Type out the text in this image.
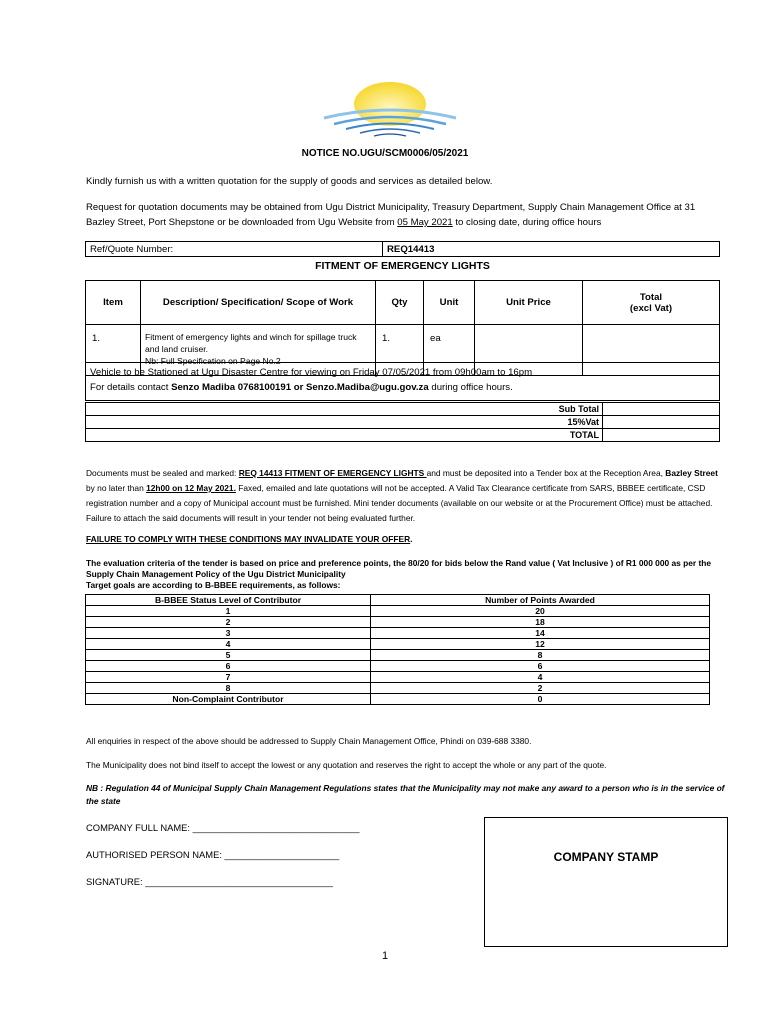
NOTICE NO.UGU/SCM0006/05/2021
Kindly furnish us with a written quotation for the supply of goods and services as detailed below.
Request for quotation documents may be obtained from Ugu District Municipality, Treasury Department, Supply Chain Management Office at 31 Bazley Street, Port Shepstone or be downloaded from Ugu Website from 05 May 2021 to closing date, during office hours
Ref/Quote Number:	REQ14413
FITMENT OF EMERGENCY LIGHTS
Item	Description/ Specification/ Scope of Work	Qty	Unit	Unit Price	Total
(excl Vat)
1.	Fitment of emergency lights and winch for spillage truck and land cruiser.
Nb: Full Specification on Page No.2	1.	ea		
Vehicle to be Stationed at Ugu Disaster Centre for viewing on Friday 07/05/2021 from 09h00am to 16pm
For details contact Senzo Madiba 0768100191 or Senzo.Madiba@ugu.gov.za during office hours.
Sub Total	
15%Vat	
TOTAL	
Documents must be sealed and marked: REQ 14413 FITMENT OF EMERGENCY LIGHTS and must be deposited into a Tender box at the Reception Area, Bazley Street by no later than 12h00 on 12 May 2021. Faxed, emailed and late quotations will not be accepted. A Valid Tax Clearance certificate from SARS, BBBEE certificate, CSD registration number and a copy of Municipal account must be furnished. Mini tender documents (available on our website or at the Procurement Office) must be attached. Failure to attach the said documents will result in your tender not being evaluated further.
FAILURE TO COMPLY WITH THESE CONDITIONS MAY INVALIDATE YOUR OFFER.
The evaluation criteria of the tender is based on price and preference points, the 80/20 for bids below the Rand value ( Vat Inclusive ) of R1 000 000 as per the Supply Chain Management Policy of the Ugu District Municipality
Target goals are according to B-BBEE requirements, as follows:
B-BBEE Status Level of Contributor	Number of Points Awarded
1	20
2	18
3	14
4	12
5	8
6	6
7	4
8	2
Non-Complaint Contributor	0
All enquiries in respect of the above should be addressed to Supply Chain Management Office, Phindi on 039-688 3380.
The Municipality does not bind itself to accept the lowest or any quotation and reserves the right to accept the whole or any part of the quote.
NB : Regulation 44 of Municipal Supply Chain Management Regulations states that the Municipality may not make any award to a person who is in the service of the state
COMPANY FULL NAME: ________________________________
AUTHORISED PERSON NAME: ______________________
SIGNATURE: ____________________________________
COMPANY STAMP
1
